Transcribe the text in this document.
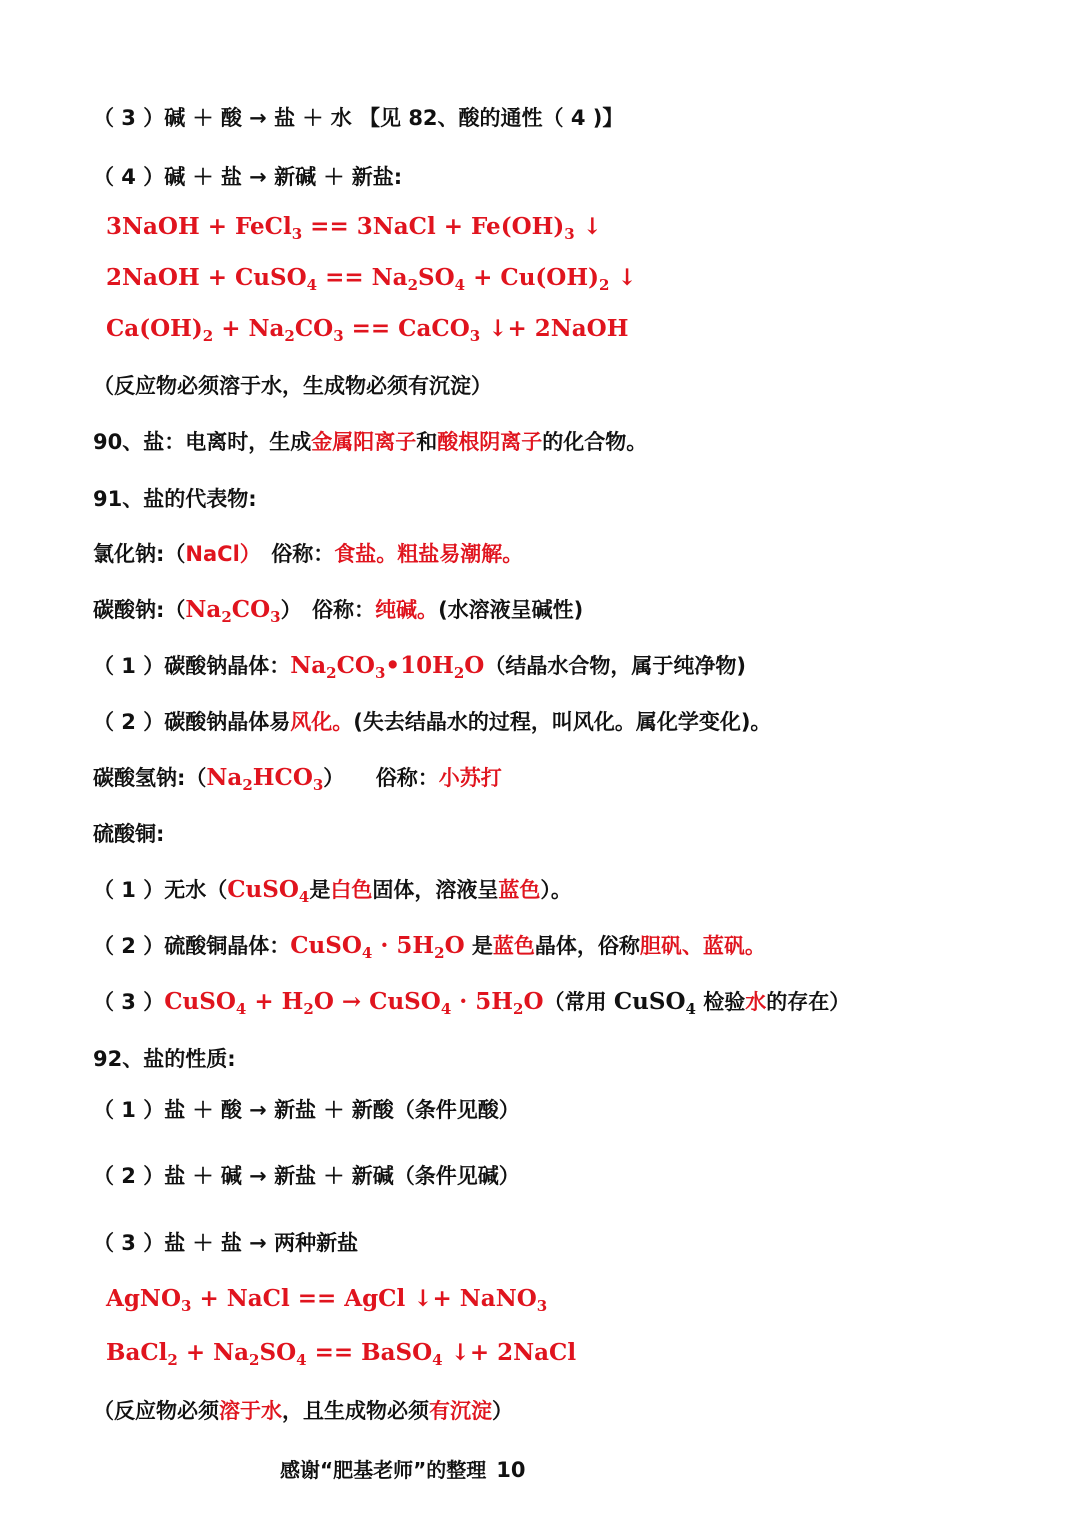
（ 3 ）碱 ＋ 酸 → 盐 ＋ 水 【见 82、酸的通性（ 4 )】
（ 4 ）碱 ＋ 盐 → 新碱 ＋ 新盐:
3NaOH + FeCl$_3$ == 3NaCl + $Fe(OH)_3$ ↓
2NaOH + CuSO$_4$ == $Na_2SO_4 + Cu(OH)_2$ ↓
$Ca(OH)_2 + Na_2CO_3$ == CaCO$_3$ ↓+ 2NaOH
（反应物必须溶于水，生成物必须有沉淀）
90、盐：电离时，生成金属阳离子和酸根阴离子的化合物。
91、盐的代表物:
氯化钠:（NaCl）　俗称：食盐。粗盐易潮解。
碳酸钠$:(Na_2CO_3)$　俗称：纯碱。(水溶液呈碱性)
（ 1 ）碳酸钠晶体：$Na_2CO_3•10H_2O$（结晶水合物，属于纯净物)
（ 2 ）碳酸钠晶体易风化。(失去结晶水的过程，叫风化。属化学变化)。
碳酸氢钠$:(Na_2HCO_3)$　　俗称：小苏打
硫酸铜:
（ 1 ）无水（CuSO$_4$是白色固体，溶液呈蓝色）。
（ 2 ）硫酸铜晶体：CuSO$_4$ · $5H_2O$ 是蓝色晶体，俗称胆矾、蓝矾。
（ 3 ）CuSO$_4$ + $H_2O$ → CuSO$_4$ · $5H_2O$（常用 CuSO$_4$ 检验水的存在）
92、盐的性质:
（ 1 ）盐 ＋ 酸 → 新盐 ＋ 新酸（条件见酸）
（ 2 ）盐 ＋ 碱 → 新盐 ＋ 新碱（条件见碱）
（ 3 ）盐 ＋ 盐 → 两种新盐
AgNO$_3$ + NaCl == AgCl ↓+ NaNO$_3$
BaCl$_2$ + $Na_2SO_4$ == BaSO$_4$ ↓+ 2NaCl
（反应物必须溶于水，且生成物必须有沉淀）
感谢“肥基老师”的整理 10
